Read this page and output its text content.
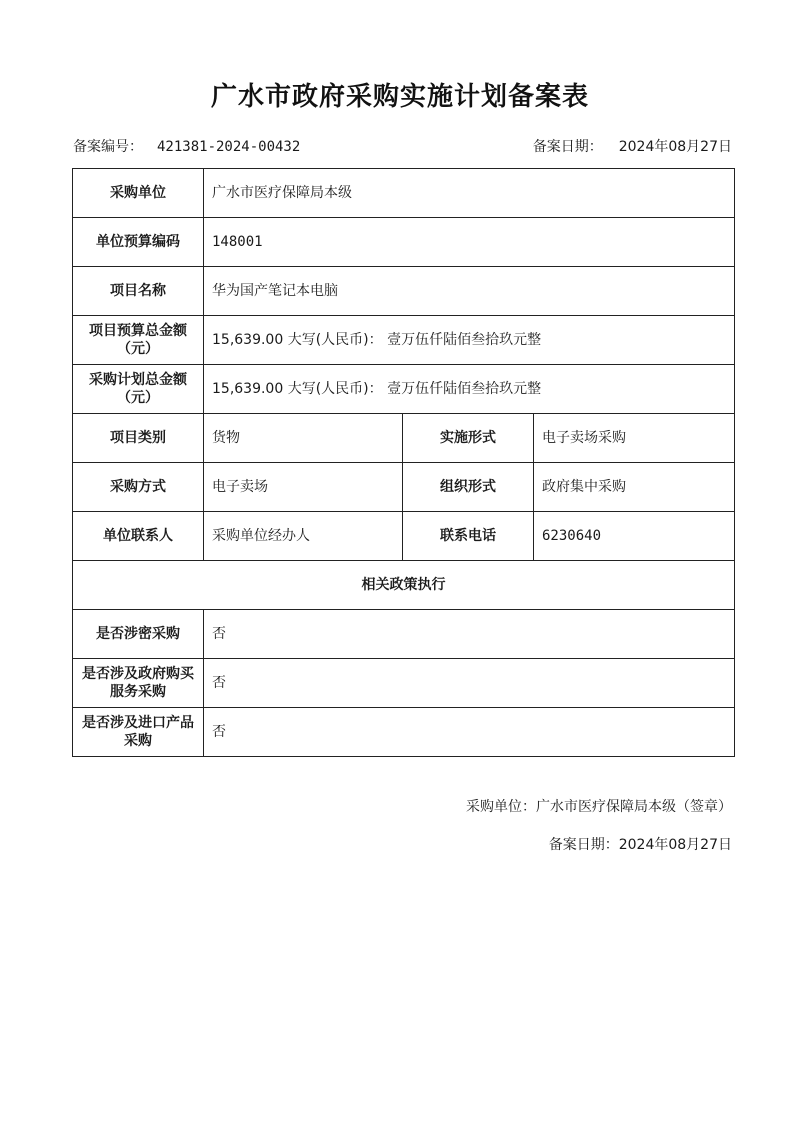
广水市政府采购实施计划备案表
备案编号： 421381-2024-00432	备案日期： 2024年08月27日
采购单位	广水市医疗保障局本级		
单位预算编码	148001		
项目名称	华为国产笔记本电脑		
项目预算总金额（元）	15,639.00 大写(人民币)： 壹万伍仟陆佰叁拾玖元整		
采购计划总金额（元）	15,639.00 大写(人民币)： 壹万伍仟陆佰叁拾玖元整		
项目类别	货物	实施形式	电子卖场采购
采购方式	电子卖场	组织形式	政府集中采购
单位联系人	采购单位经办人	联系电话	6230640
相关政策执行			
是否涉密采购	否		
是否涉及政府购买服务采购	否		
是否涉及进口产品采购	否		
采购单位：广水市医疗保障局本级（签章）
备案日期：2024年08月27日
